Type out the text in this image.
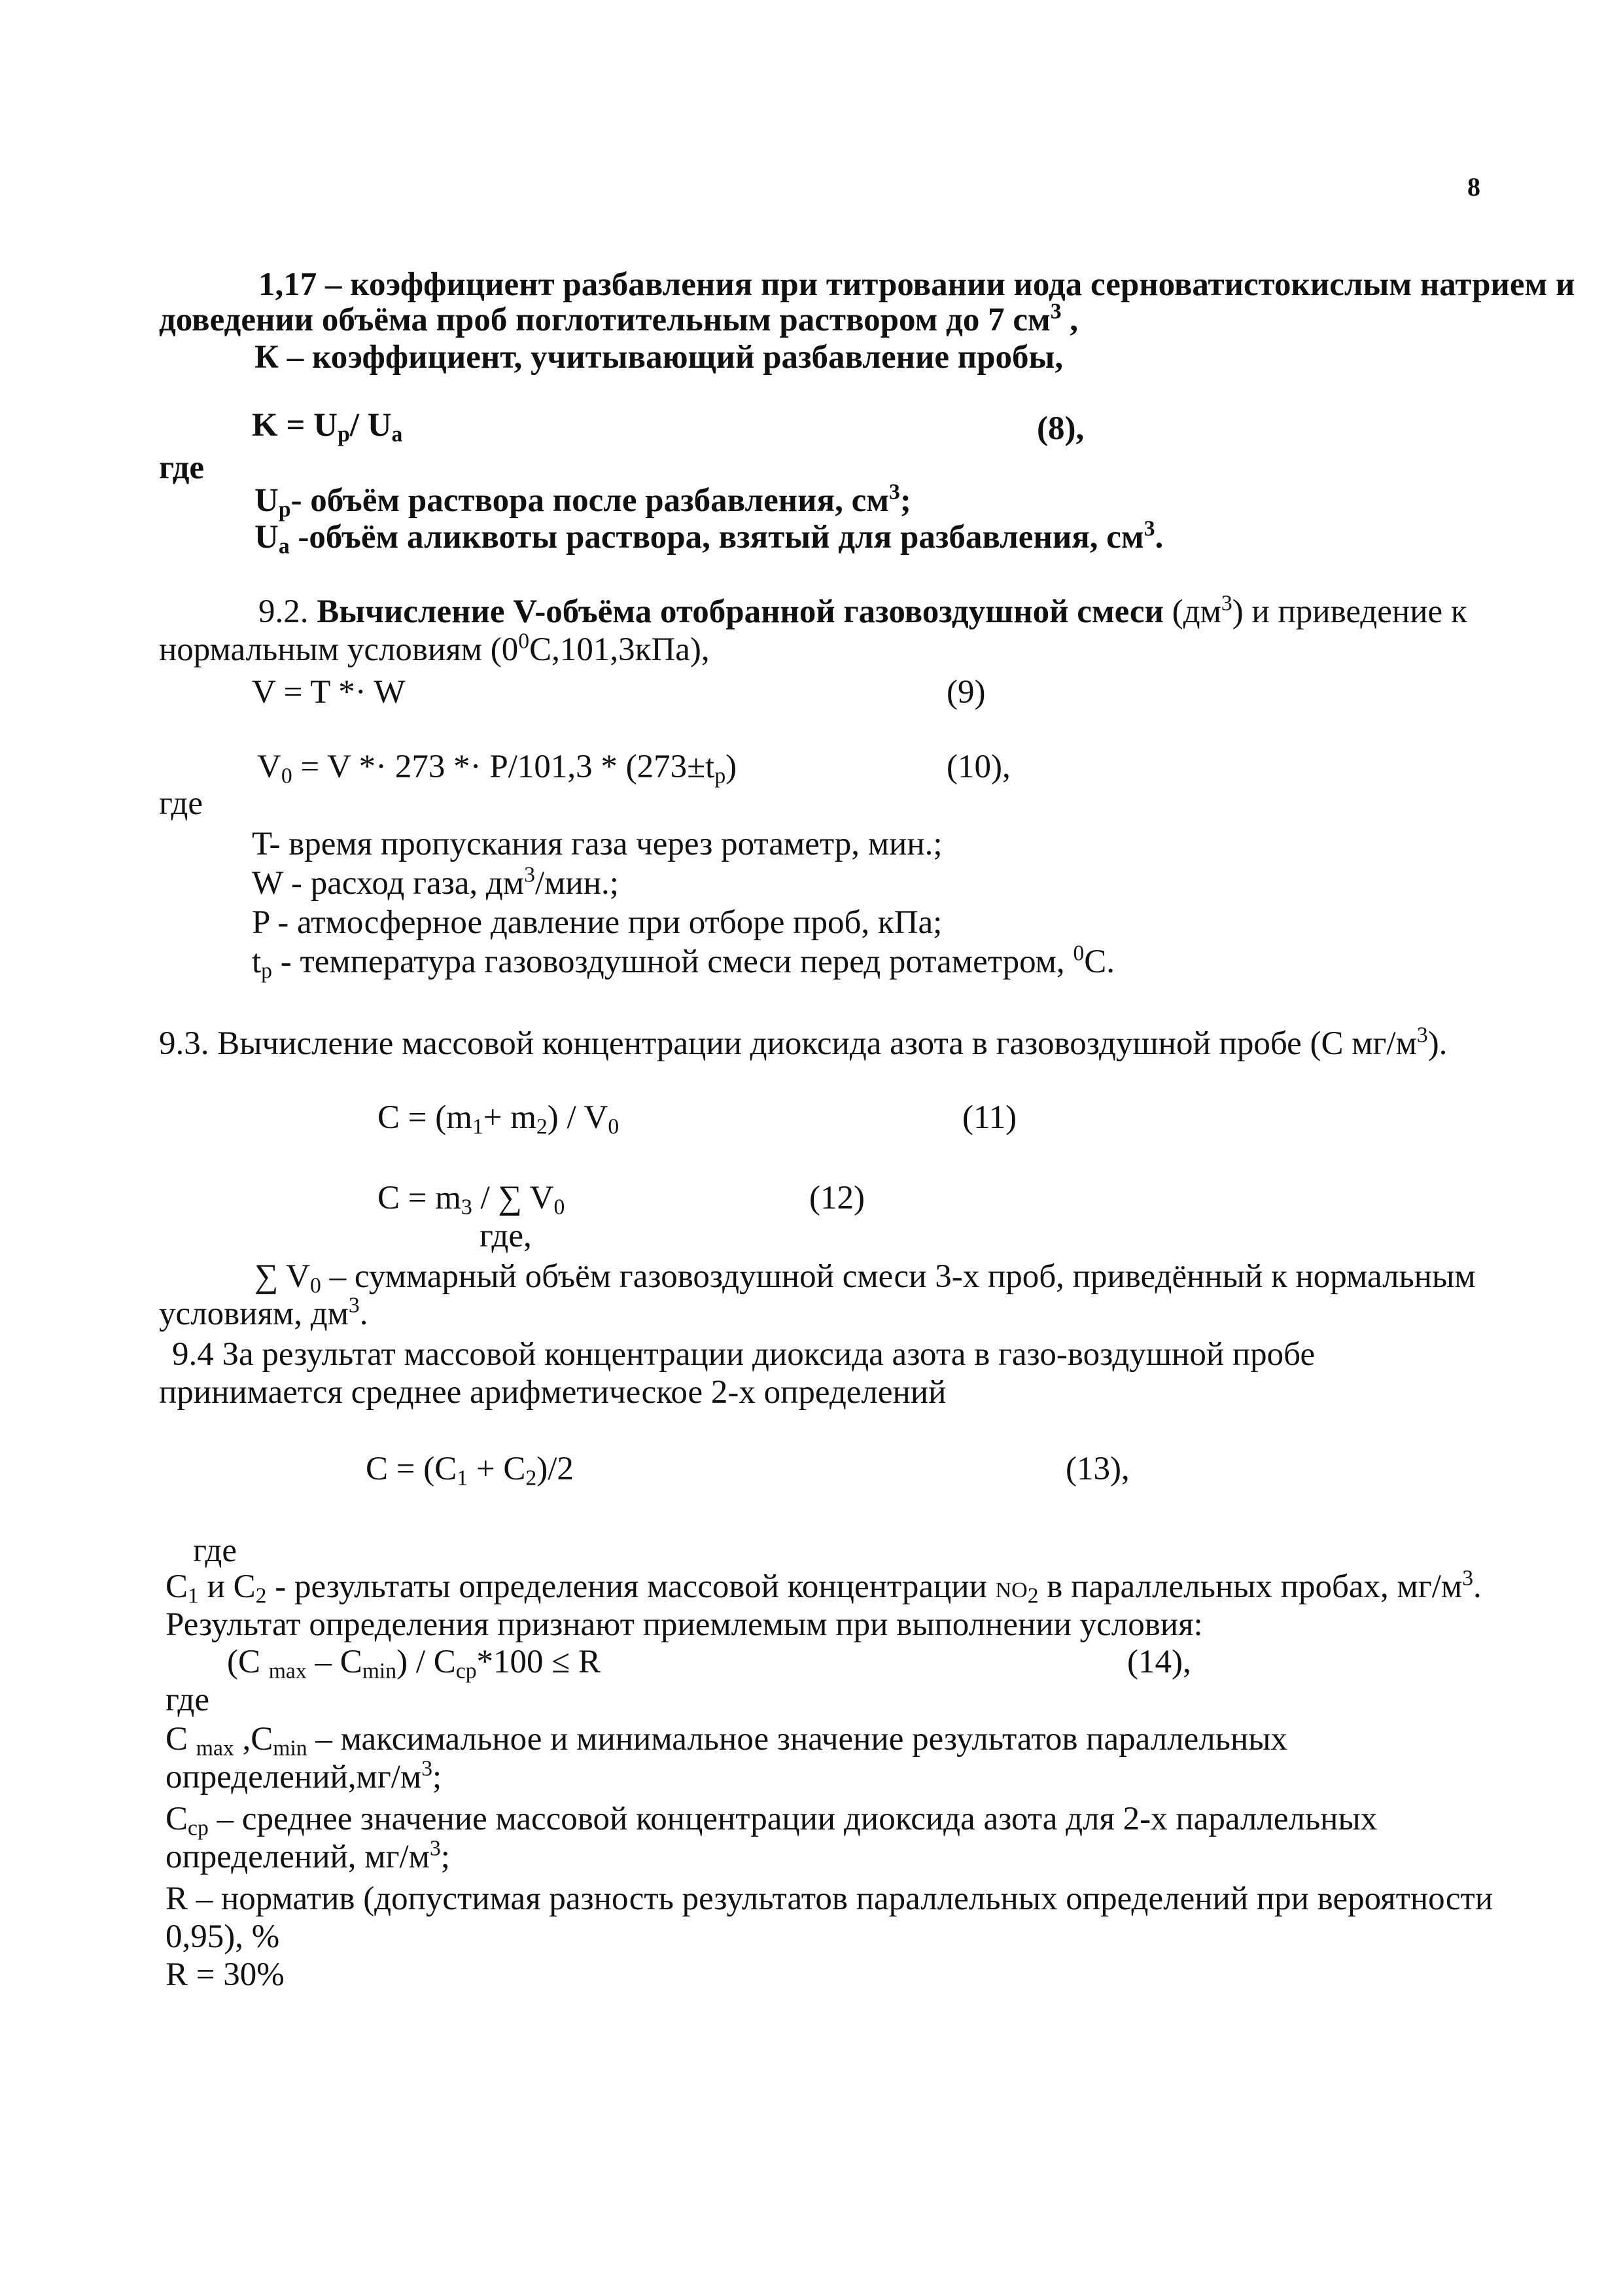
8
1,17 – коэффициент разбавления при титровании иода серноватистокислым натрием и
доведении объёма проб поглотительным раствором до 7 $см^3$ ,
К – коэффициент, учитывающий разбавление пробы,
$K = U_p/$ $U_a$	(8),
где
$U_p-$ объём раствора после разбавления, $см^3$;
$U_a$ -объём аликвоты раствора, взятый для разбавления, $см^3$.
9.2. Вычисление V-объёма отобранной газовоздушной смеси $(дм^3)$ и приведение к
нормальным условиям $(0^0С,101,3кПа)$,
V = T *· W	(9)
$V_0 = V *\cdot 273 *\cdot P/101,3 * (273\pm t_p)$	(10),
где
T- время пропускания газа через ротаметр, мин.;
W - расход газа, $дм^3$/мин.;
P - атмосферное давление при отборе проб, кПа;
$t_p$ - температура газовоздушной смеси перед ротаметром, $^0$С.
9.3. Вычисление массовой концентрации диоксида азота в газовоздушной пробе (С $мг/м^3$).
$C = (m_1+ m_2) / V_0$	(11)
$C = m_3$ / ∑ $V_0$	(12)
где,
∑ $V_0$ – суммарный объём газовоздушной смеси 3-х проб, приведённый к нормальным
условиям, $дм^3$.
9.4 За результат массовой концентрации диоксида азота в газо-воздушной пробе
принимается среднее арифметическое 2-х определений
$C = (C_1 + C_2)/2$	(13),
где
$C_1$ и $C_2$ - результаты определения массовой концентрации $NO_2$ в параллельных пробах, $мг/м^3$.
Результат определения признают приемлемым при выполнении условия:
(C $_{max} - C_{min}) / C_{cp}*100 \le R$	(14),
где
C $_{max}$ $,C_{min}$ – максимальное и минимальное значение результатов параллельных
$определений,мг/м^3$;
$C_{cp}$ – среднее значение массовой концентрации диоксида азота для 2-х параллельных
определений, $мг/м^3$;
R – норматив (допустимая разность результатов параллельных определений при вероятности
0,95), %
R = 30%
